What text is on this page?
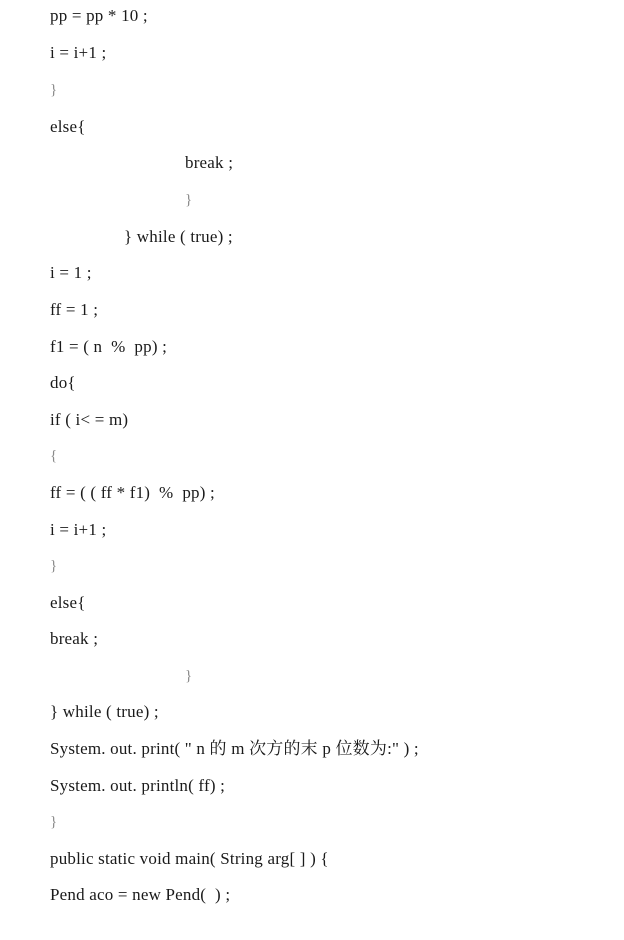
pp = pp * 10 ;
i = i+1 ;
}
else{
break ;
}
} while ( true) ;
i = 1 ;
ff = 1 ;
f1 = ( n  %  pp) ;
do{
if ( i< = m)
{
ff = ( ( ff * f1)  %  pp) ;
i = i+1 ;
}
else{
break ;
}
} while ( true) ;
System. out. print( " n 的 m 次方的末 p 位数为:" ) ;
System. out. println( ff) ;
}
public static void main( String arg[ ] ) {
Pend aco = new Pend(  ) ;
